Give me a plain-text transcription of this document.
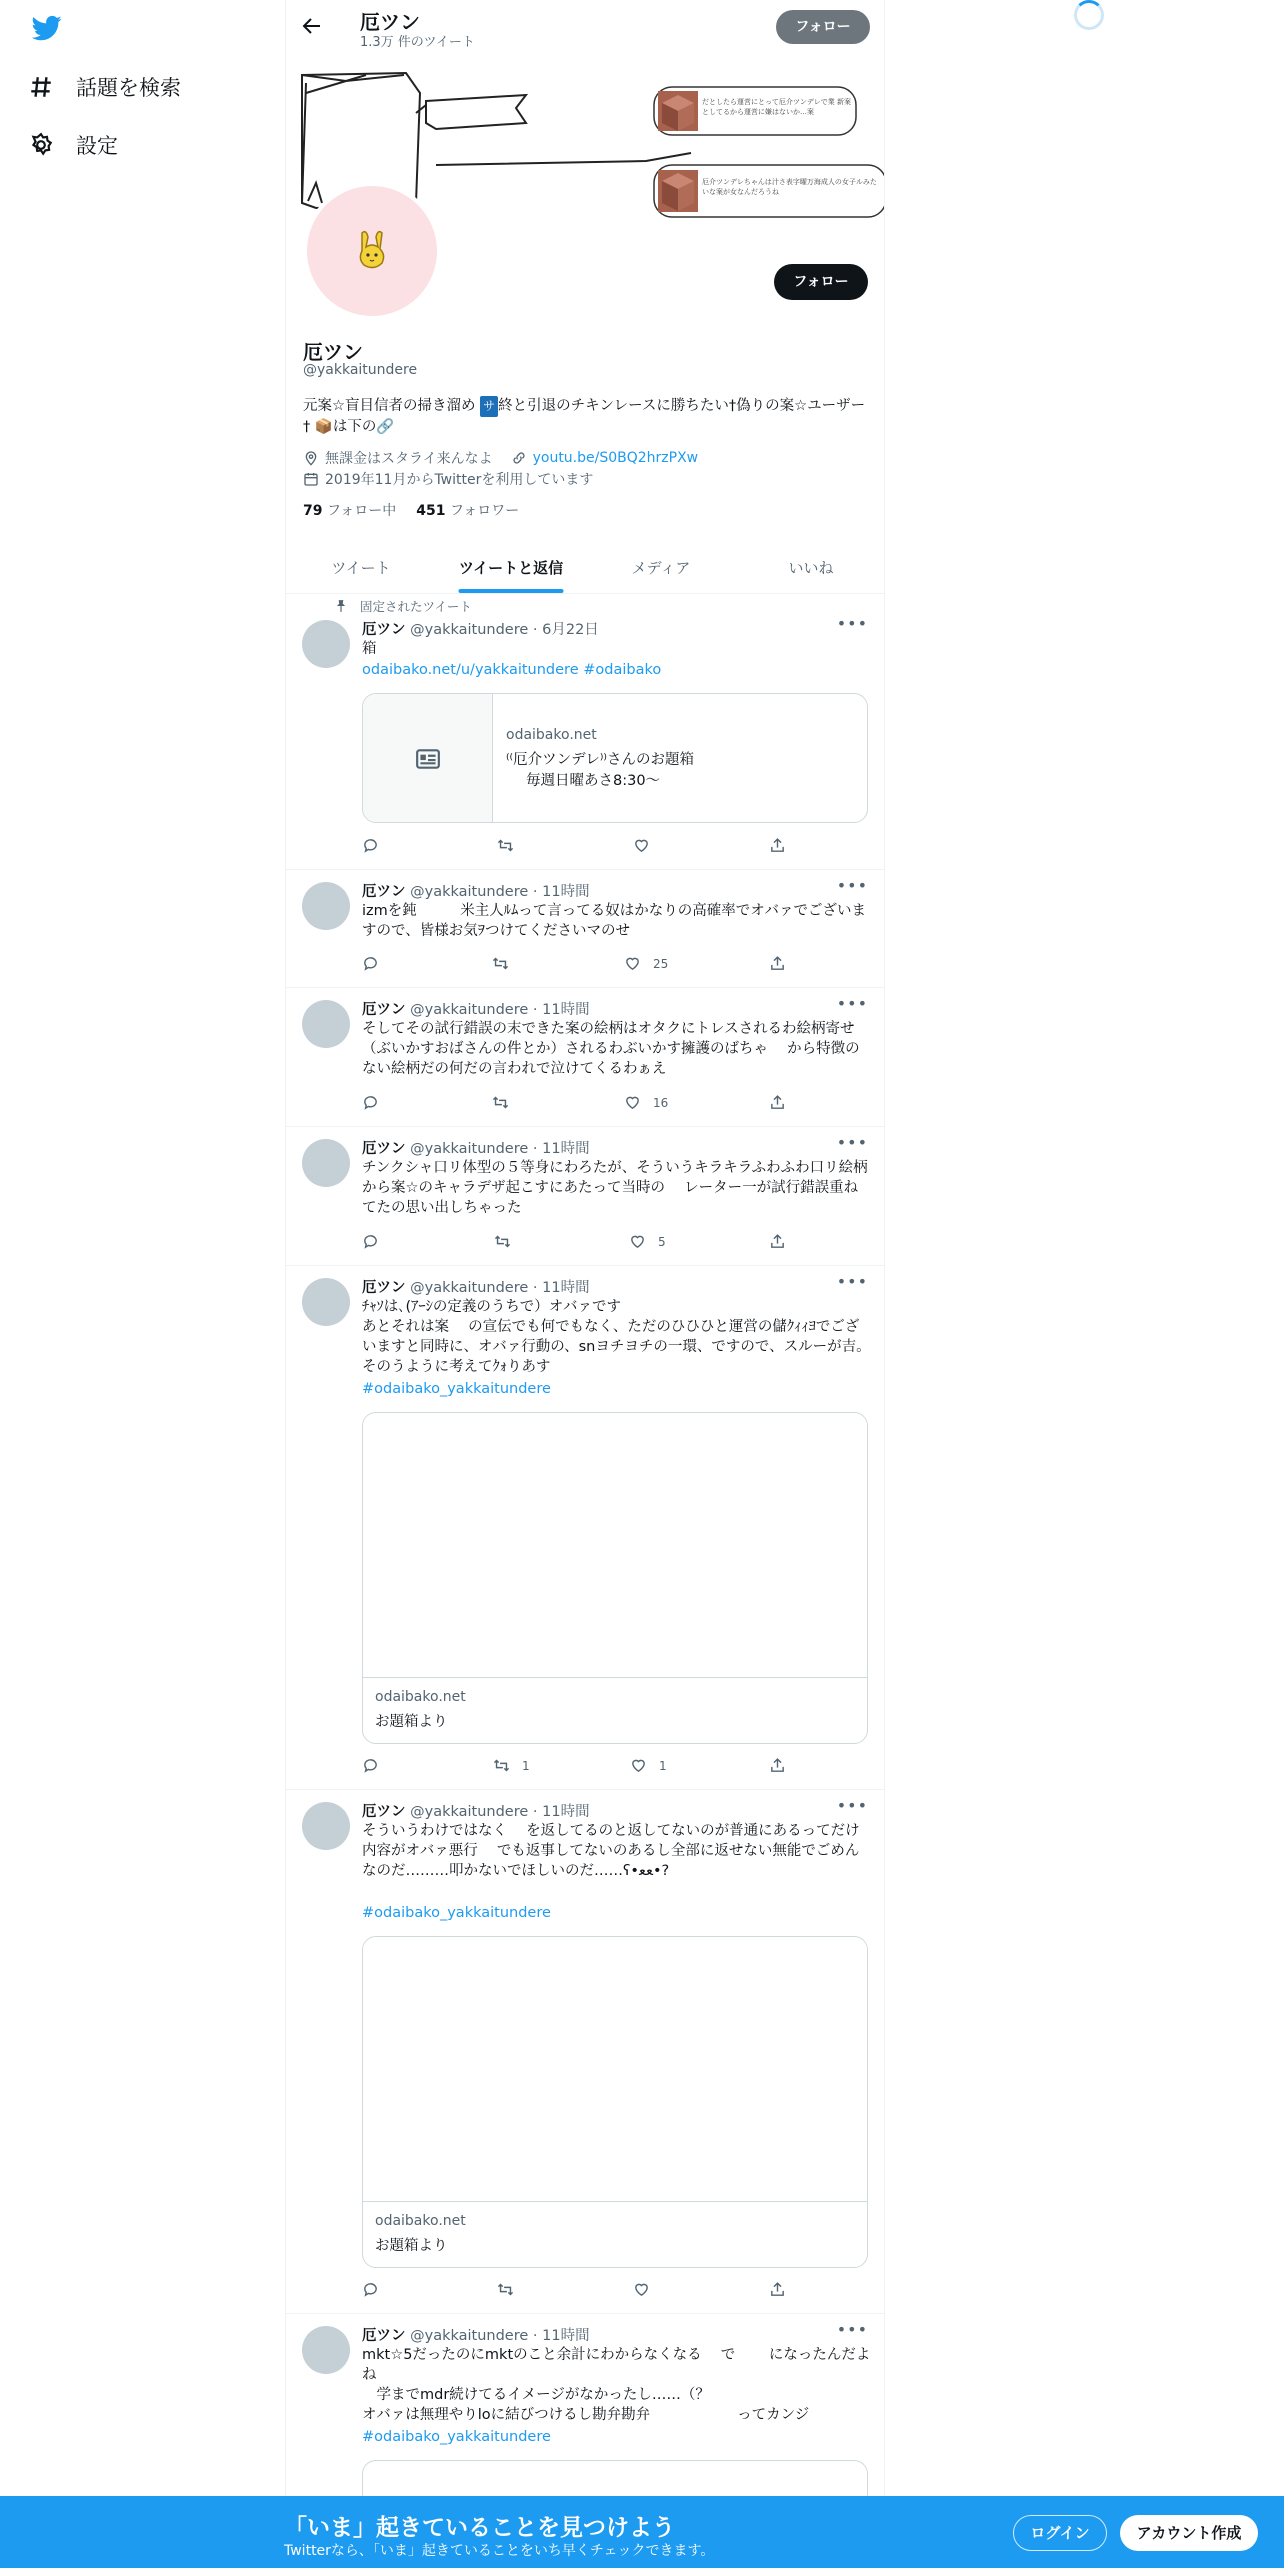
話題を検索
設定
厄ツン
1.3万 件のツイート
フォロー
だとしたら運営にとって厄介ツンデレで業 新案としてるから運営に嫌はないか…案
厄介ツンデレちゃんは汁さ表字曜万海成人の女子ルみたいな案が女なんだろうね
フォロー
厄ツン
@yakkaitundere
元案☆盲目信者の掃き溜め サ 終と引退のチキンレースに勝ちたい†偽りの案☆ユーザー† 📦は下の🔗
無課金はスタライ来んなよ	youtu.be/S0BQ2hrzPXw
2019年11月からTwitterを利用しています
79 フォロー中 451 フォロワー
ツイート	ツイートと返信	メディア	いいね
固定されたツイート
厄ツン @yakkaitundere · 6月22日	•••
箱
odaibako.net/u/yakkaitundere #odaibako
odaibako.net
⁽⁽厄介ツンデレ⁾⁾さんのお題箱
毎週日曜あさ8:30〜
厄ツン @yakkaitundere · 11時間	•••
izmを鈍　　　米主人ﾙﾑって言ってる奴はかなりの高確率でオバァでございますので、皆様お気ｦつけてくださいマのせ
25
厄ツン @yakkaitundere · 11時間	•••
そしてその試行錯誤の末できた案の絵柄はオタクにトレスされるわ絵柄寄せ（ぶいかすおばさんの件とか）されるわぶいかす擁護のばちゃ　 から特徴のない絵柄だの何だの言われで泣けてくるわぁえ
16
厄ツン @yakkaitundere · 11時間	•••
チンクシャ口リ体型の５等身にわろたが、そういうキラキラふわふわ口リ絵柄から案☆のキャラデザ起こすにあたって当時の　 レーター一が試行錯誤重ねてたの思い出しちゃった
5
厄ツン @yakkaitundere · 11時間	•••
ﾁｬｿは､(ｱｰｼの定義のうちで）オバァです
あとそれは案　 の宣伝でも何でもなく、ただのひひひと運営の儲ｸｨｨﾖでございますと同時に、オバァ行動の、snヨチヨチの一環、ですので、スルーが吉。そのうように考えてｸｫりあす
#odaibako_yakkaitundere
odaibako.net
お題箱より
1	1
厄ツン @yakkaitundere · 11時間	•••
そういうわけではなく　 を返してるのと返してないのが普通にあるってだけ
内容がオバァ悪行　 でも返事してないのあるし全部に返せない無能でごめんなのだ………叩かないでほしいのだ……ʕ•ﻌﻌ•?
#odaibako_yakkaitundere
odaibako.net
お題箱より
厄ツン @yakkaitundere · 11時間	•••
mkt☆5だったのにmktのこと余計にわからなくなる　 で　　 になったんだよね
　学までmdr続けてるイメージがなかったし……（？
オバァは無理やりloに結びつけるし勘弁勘弁　　　　　　ってカンジ
#odaibako_yakkaitundere
「いま」起きていることを見つけよう
Twitterなら、「いま」起きていることをいち早くチェックできます。
ログイン	アカウント作成
